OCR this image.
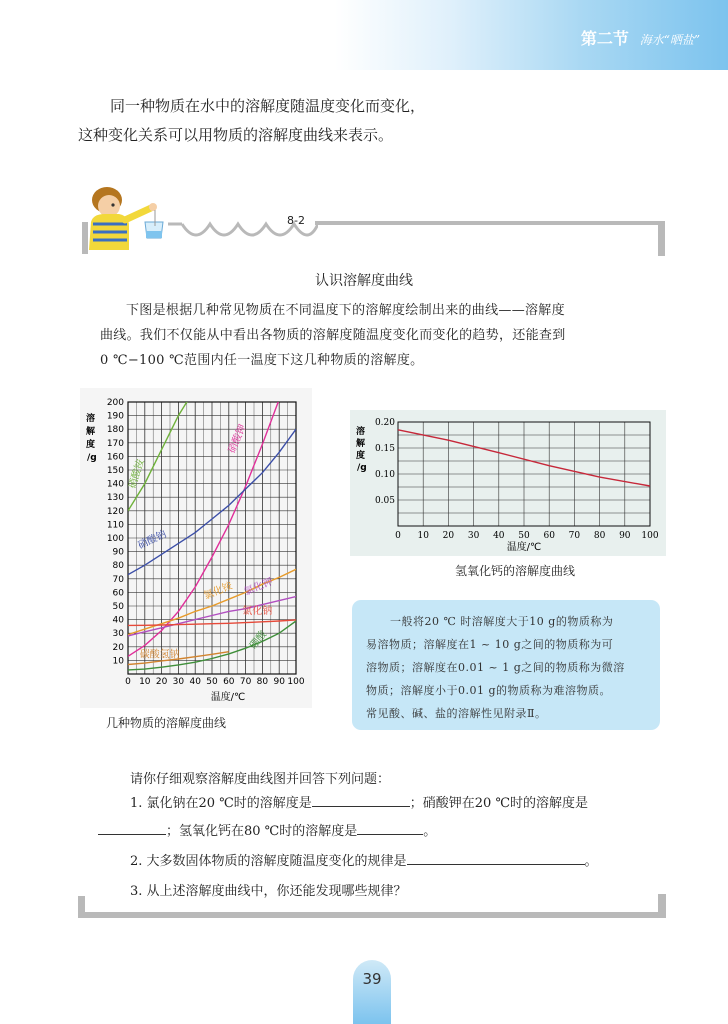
第二节 海水“晒盐”

同一种物质在水中的溶解度随温度变化而变化，

这种变化关系可以用物质的溶解度曲线来表示。

8-2
认识溶解度曲线

下图是根据几种常见物质在不同温度下的溶解度绘制出来的曲线——溶解度

曲线。我们不仅能从中看出各物质的溶解度随温度变化而变化的趋势，还能查到

0 ℃−100 ℃范围内任一温度下这几种物质的溶解度。

10
20
30
40
50
60
70
80
90
100
110
120
130
140
150
160
170
180
190
200
0 10 20 30 40 50 60 70 80 90 100
溶
解
度
/g
温度/℃
硝酸铵
硝酸钾
硝酸钠
氯化铵 氯化钾
氯化钠
碳酸氢钠
硼酸
几种物质的溶解度曲线
0.05
0.10
0.15
0.20
0 10 20 30 40 50 60 70 80 90 100
溶
解
度
/g
温度/℃
氢氧化钙的溶解度曲线

一般将20 ℃ 时溶解度大于10 g的物质称为

易溶物质；溶解度在1 ~ 10 g之间的物质称为可

溶物质；溶解度在0.01 ~ 1 g之间的物质称为微溶

物质；溶解度小于0.01 g的物质称为难溶物质。

常见酸、碱、盐的溶解性见附录Ⅱ。

请你仔细观察溶解度曲线图并回答下列问题：
1. 氯化钠在20 ℃时的溶解度是	；硝酸钾在20 ℃时的溶解度是
；氢氧化钙在80 ℃时的溶解度是	。
2. 大多数固体物质的溶解度随温度变化的规律是	。
3. 从上述溶解度曲线中，你还能发现哪些规律？
39
